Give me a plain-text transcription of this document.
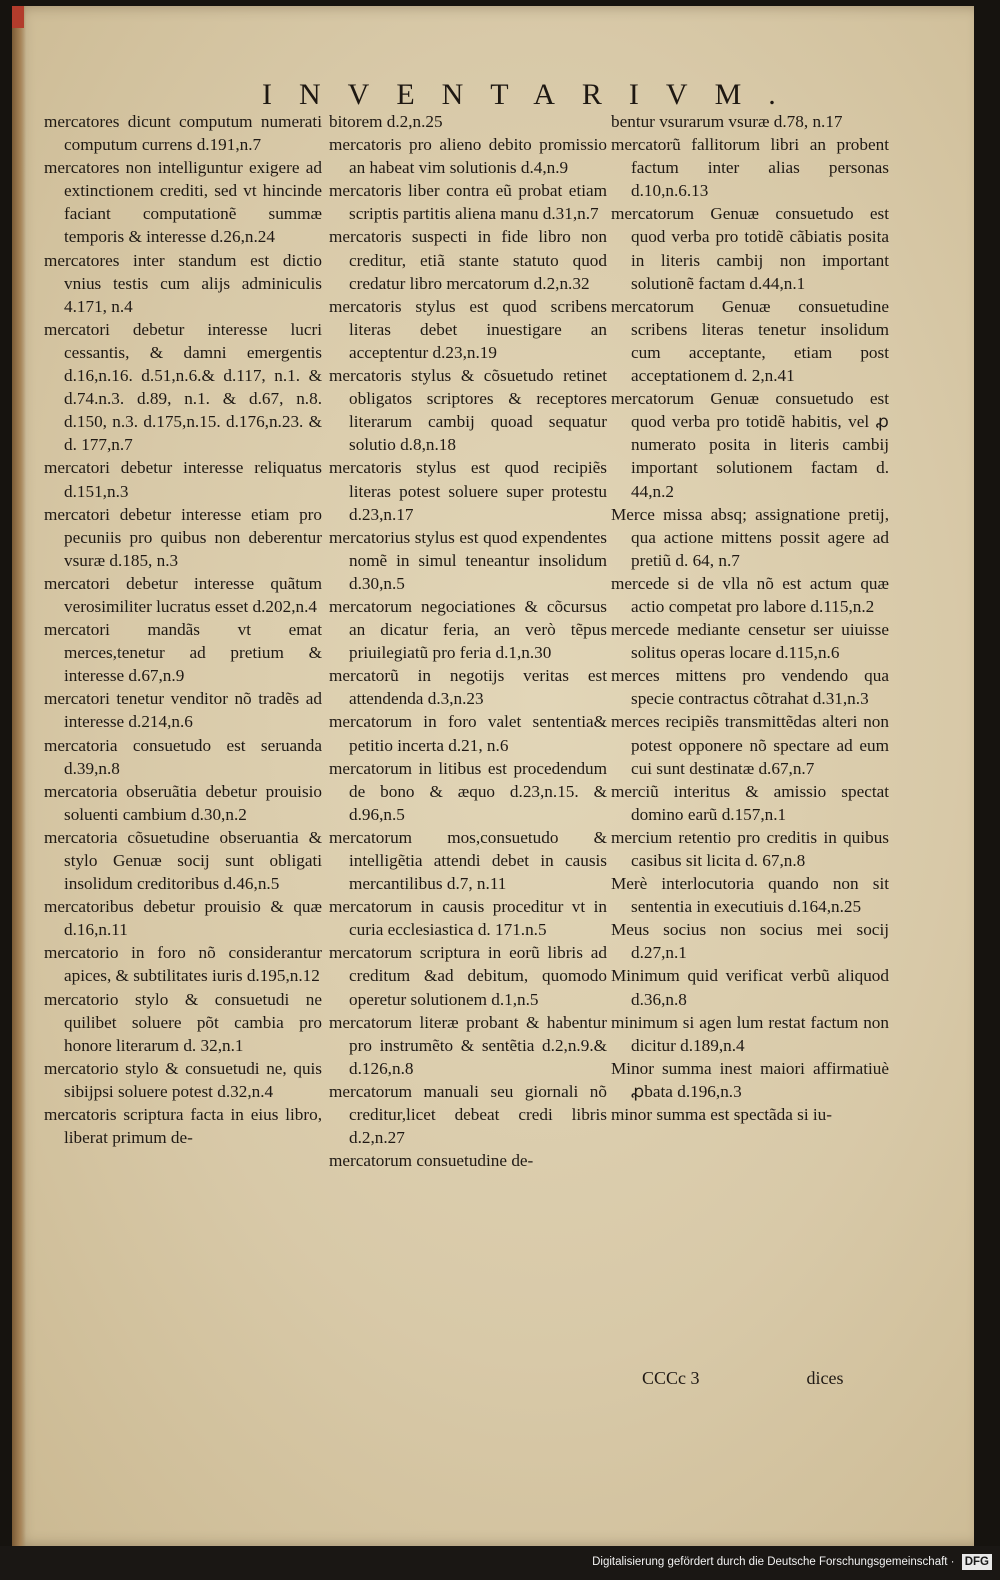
INVENTARIVM.

mercatores dicunt computum numerati computum currens d.191,n.7

mercatores non intelliguntur exigere ad extinctionem crediti, sed vt hincinde faciant computationẽ summæ temporis & interesse d.26,n.24

mercatores inter standum est dictio vnius testis cum alijs adminiculis 4.171, n.4

mercatori debetur interesse lucri cessantis, & damni emergentis d.16,n.16. d.51,n.6.& d.117, n.1. & d.74.n.3. d.89, n.1. & d.67, n.8. d.150, n.3. d.175,n.15. d.176,n.23. & d. 177,n.7

mercatori debetur interesse reliquatus d.151,n.3

mercatori debetur interesse etiam pro pecuniis pro quibus non deberentur vsuræ d.185, n.3

mercatori debetur interesse quãtum verosimiliter lucratus esset d.202,n.4

mercatori mandãs vt emat merces,tenetur ad pretium & interesse d.67,n.9

mercatori tenetur venditor nõ tradẽs ad interesse d.214,n.6

mercatoria consuetudo est seruanda d.39,n.8

mercatoria obseruãtia debetur prouisio soluenti cambium d.30,n.2

mercatoria cõsuetudine obseruantia & stylo Genuæ socij sunt obligati insolidum creditoribus d.46,n.5

mercatoribus debetur prouisio & quæ d.16,n.11

mercatorio in foro nõ considerantur apices, & subtilitates iuris d.195,n.12

mercatorio stylo & consuetudi ne quilibet soluere põt cambia pro honore literarum d. 32,n.1

mercatorio stylo & consuetudi ne, quis sibijpsi soluere potest d.32,n.4

mercatoris scriptura facta in eius libro, liberat primum de-

bitorem d.2,n.25

mercatoris pro alieno debito promissio an habeat vim solutionis d.4,n.9

mercatoris liber contra eũ probat etiam scriptis partitis aliena manu d.31,n.7

mercatoris suspecti in fide libro non creditur, etiã stante statuto quod credatur libro mercatorum d.2,n.32

mercatoris stylus est quod scribens literas debet inuestigare an acceptentur d.23,n.19

mercatoris stylus & cõsuetudo retinet obligatos scriptores & receptores literarum cambij quoad sequatur solutio d.8,n.18

mercatoris stylus est quod recipiẽs literas potest soluere super protestu d.23,n.17

mercatorius stylus est quod expendentes nomẽ in simul teneantur insolidum d.30,n.5

mercatorum negociationes & cõcursus an dicatur feria, an verò tẽpus priuilegiatũ pro feria d.1,n.30

mercatorũ in negotijs veritas est attendenda d.3,n.23

mercatorum in foro valet sententia& petitio incerta d.21, n.6

mercatorum in litibus est procedendum de bono & æquo d.23,n.15. & d.96,n.5

mercatorum mos,consuetudo & intelligẽtia attendi debet in causis mercantilibus d.7, n.11

mercatorum in causis proceditur vt in curia ecclesiastica d. 171.n.5

mercatorum scriptura in eorũ libris ad creditum &ad debitum, quomodo operetur solutionem d.1,n.5

mercatorum literæ probant & habentur pro instrumẽto & sentẽtia d.2,n.9.& d.126,n.8

mercatorum manuali seu giornali nõ creditur,licet debeat credi libris d.2,n.27

mercatorum consuetudine de-

bentur vsurarum vsuræ d.78, n.17

mercatorũ fallitorum libri an probent factum inter alias personas d.10,n.6.13

mercatorum Genuæ consuetudo est quod verba pro totidẽ cãbiatis posita in literis cambij non important solutionẽ factam d.44,n.1

mercatorum Genuæ consuetudine scribens literas tenetur insolidum cum acceptante, etiam post acceptationem d. 2,n.41

mercatorum Genuæ consuetudo est quod verba pro totidẽ habitis, vel ꝓ numerato posita in literis cambij important solutionem factam d. 44,n.2

Merce missa absq; assignatione pretij, qua actione mittens possit agere ad pretiũ d. 64, n.7

mercede si de vlla nõ est actum quæ actio competat pro labore d.115,n.2

mercede mediante censetur ser uiuisse solitus operas locare d.115,n.6

merces mittens pro vendendo qua specie contractus cõtrahat d.31,n.3

merces recipiẽs transmittẽdas alteri non potest opponere nõ spectare ad eum cui sunt destinatæ d.67,n.7

merciũ interitus & amissio spectat domino earũ d.157,n.1

mercium retentio pro creditis in quibus casibus sit licita d. 67,n.8

Merè interlocutoria quando non sit sententia in executiuis d.164,n.25

Meus socius non socius mei socij d.27,n.1

Minimum quid verificat verbũ aliquod d.36,n.8

minimum si agen lum restat factum non dicitur d.189,n.4

Minor summa inest maiori affirmatiuè ꝓbata d.196,n.3

minor summa est spectãda si iu-

CCCc 3	dices
Digitalisierung gefördert durch die Deutsche Forschungsgemeinschaft · DFG
